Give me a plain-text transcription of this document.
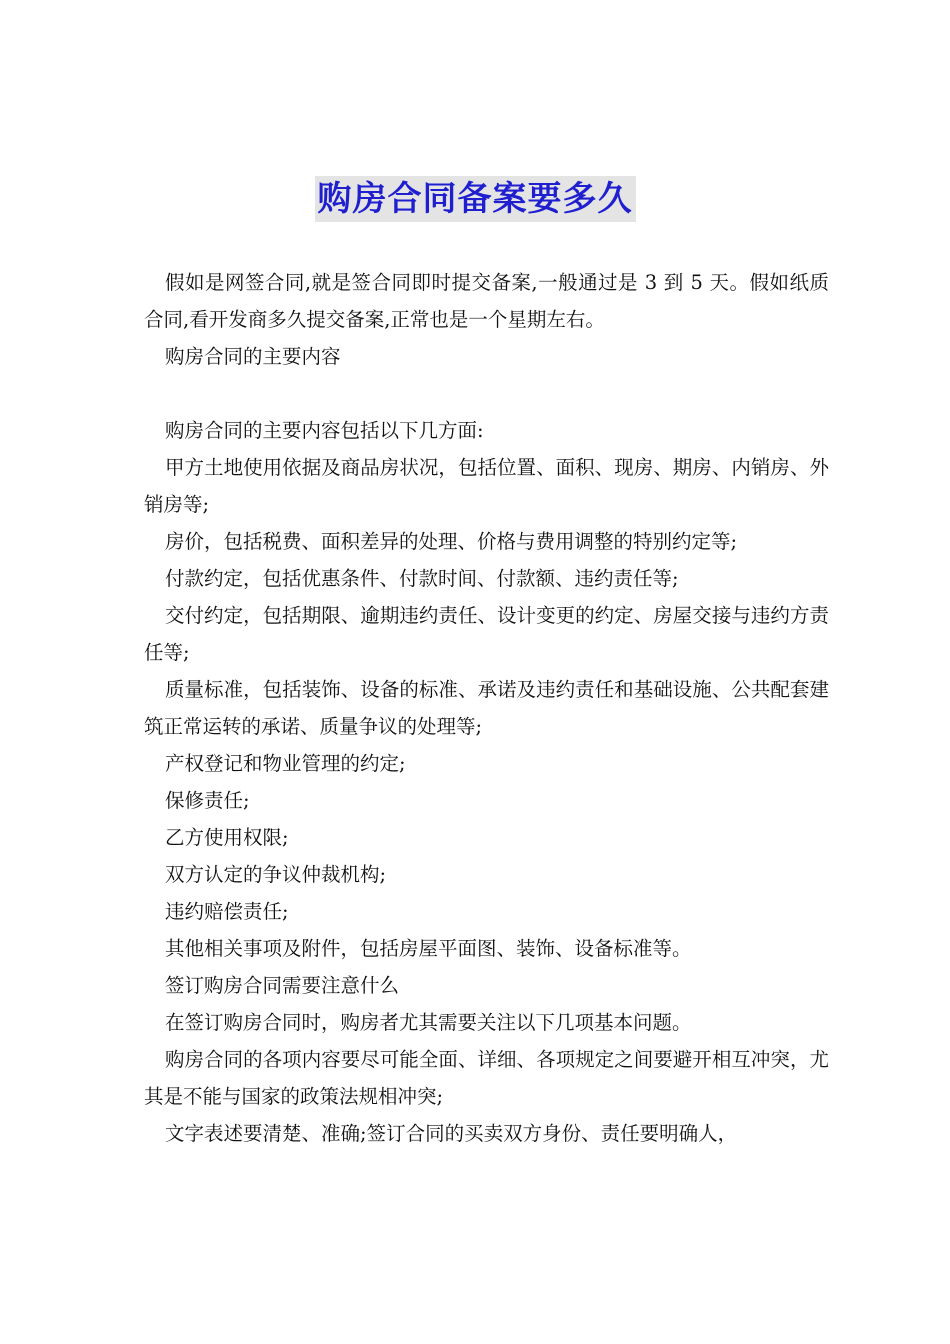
购房合同备案要多久

假如是网签合同,就是签合同即时提交备案,一般通过是 3 到 5 天。假如纸质合同,看开发商多久提交备案,正常也是一个星期左右。

购房合同的主要内容

购房合同的主要内容包括以下几方面:

甲方土地使用依据及商品房状况，包括位置、面积、现房、期房、内销房、外销房等;

房价，包括税费、面积差异的处理、价格与费用调整的特别约定等;

付款约定，包括优惠条件、付款时间、付款额、违约责任等;

交付约定，包括期限、逾期违约责任、设计变更的约定、房屋交接与违约方责任等;

质量标准，包括装饰、设备的标准、承诺及违约责任和基础设施、公共配套建筑正常运转的承诺、质量争议的处理等;

产权登记和物业管理的约定;

保修责任;

乙方使用权限;

双方认定的争议仲裁机构;

违约赔偿责任;

其他相关事项及附件，包括房屋平面图、装饰、设备标准等。

签订购房合同需要注意什么

在签订购房合同时，购房者尤其需要关注以下几项基本问题。

购房合同的各项内容要尽可能全面、详细、各项规定之间要避开相互冲突，尤其是不能与国家的政策法规相冲突;

文字表述要清楚、准确;签订合同的买卖双方身份、责任要明确人，
